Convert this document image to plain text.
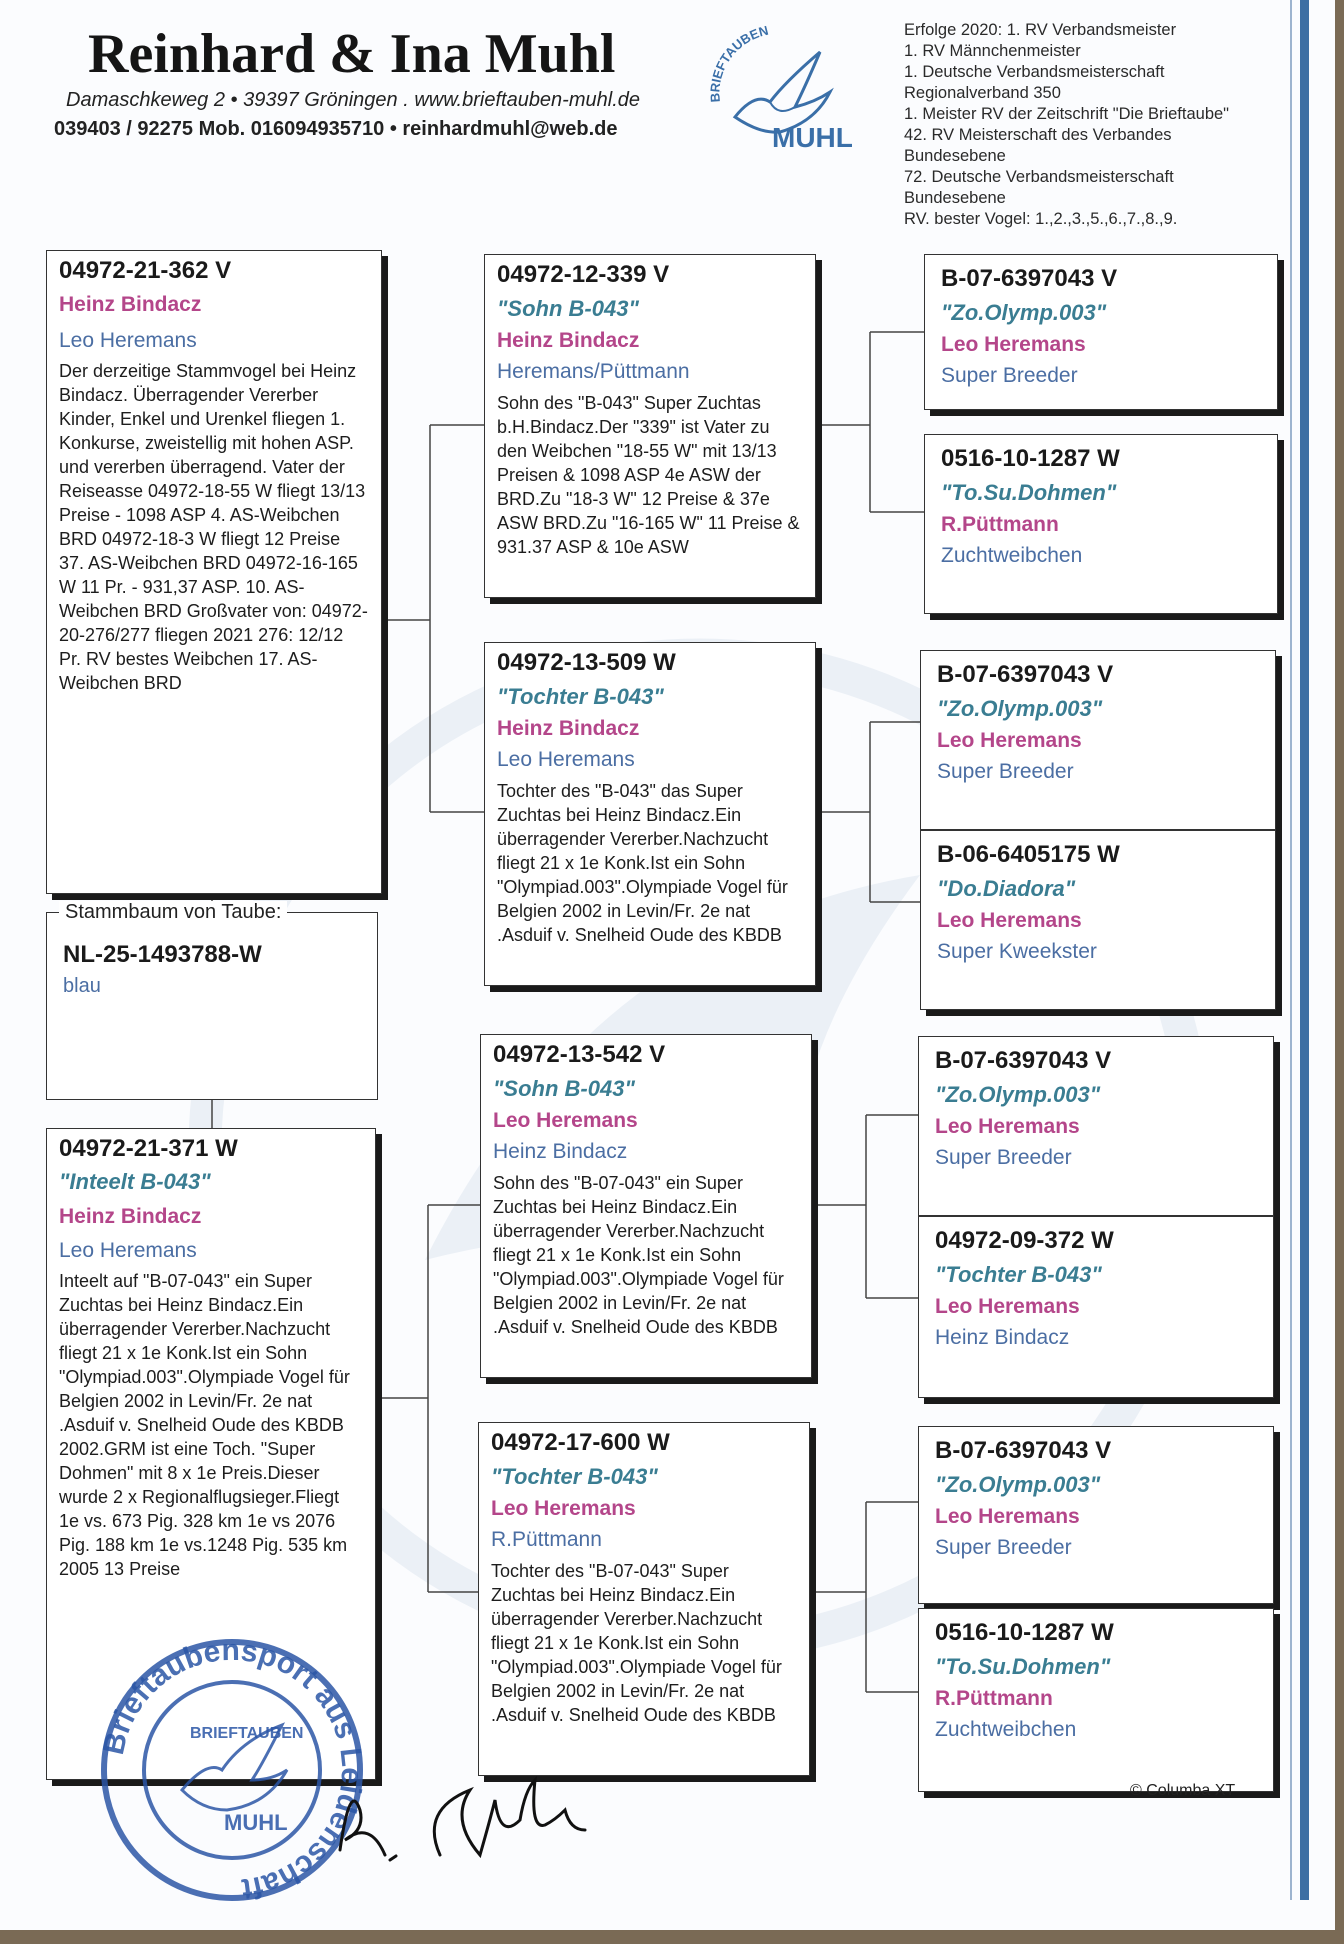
Reinhard & Ina Muhl
Damaschkeweg 2 • 39397 Gröningen . www.brieftauben-muhl.de
039403 / 92275 Mob. 016094935710 • reinhardmuhl@web.de
BRIEFTAUBEN
MUHL
Erfolge 2020: 1. RV Verbandsmeister
1. RV Männchenmeister
1. Deutsche Verbandsmeisterschaft
Regionalverband 350
1. Meister RV der Zeitschrift "Die Brieftaube"
42. RV Meisterschaft des Verbandes
Bundesebene
72. Deutsche Verbandsmeisterschaft
Bundesebene
RV. bester Vogel: 1.,2.,3.,5.,6.,7.,8.,9.
04972-21-362 V
Heinz Bindacz
Leo Heremans
Der derzeitige Stammvogel bei Heinz Bindacz. Überragender Vererber Kinder, Enkel und Urenkel fliegen 1. Konkurse, zweistellig mit hohen ASP. und vererben überragend. Vater der Reiseasse 04972-18-55 W fliegt 13/13 Preise - 1098 ASP 4. AS-Weibchen BRD 04972-18-3 W fliegt 12 Preise 37. AS-Weibchen BRD 04972-16-165 W 11 Pr. - 931,37 ASP. 10. AS-Weibchen BRD Großvater von: 04972-20-276/277 fliegen 2021 276: 12/12 Pr. RV bestes Weibchen 17. AS-Weibchen BRD
Stammbaum von Taube:
NL-25-1493788-W
blau
04972-21-371 W
"Inteelt B-043"
Heinz Bindacz
Leo Heremans
Inteelt auf "B-07-043" ein Super Zuchtas bei Heinz Bindacz.Ein überragender Vererber.Nachzucht fliegt 21 x 1e Konk.Ist ein Sohn "Olympiad.003".Olympiade Vogel für Belgien 2002 in Levin/Fr. 2e nat .Asduif v. Snelheid Oude des KBDB 2002.GRM ist eine Toch. "Super Dohmen" mit 8 x 1e Preis.Dieser wurde 2 x Regionalflugsieger.Fliegt 1e vs. 673 Pig. 328 km 1e vs 2076 Pig. 188 km 1e vs.1248 Pig. 535 km 2005 13 Preise
04972-12-339 V
"Sohn B-043"
Heinz Bindacz
Heremans/Püttmann
Sohn des "B-043" Super Zuchtas b.H.Bindacz.Der "339" ist Vater zu den Weibchen "18-55 W" mit 13/13 Preisen & 1098 ASP 4e ASW der BRD.Zu "18-3 W" 12 Preise & 37e ASW BRD.Zu "16-165 W" 11 Preise & 931.37 ASP & 10e ASW
04972-13-509 W
"Tochter B-043"
Heinz Bindacz
Leo Heremans
Tochter des "B-043" das Super Zuchtas bei Heinz Bindacz.Ein überragender Vererber.Nachzucht fliegt 21 x 1e Konk.Ist ein Sohn "Olympiad.003".Olympiade Vogel für Belgien 2002 in Levin/Fr. 2e nat .Asduif v. Snelheid Oude des KBDB
04972-13-542 V
"Sohn B-043"
Leo Heremans
Heinz Bindacz
Sohn des "B-07-043" ein Super Zuchtas bei Heinz Bindacz.Ein überragender Vererber.Nachzucht fliegt 21 x 1e Konk.Ist ein Sohn "Olympiad.003".Olympiade Vogel für Belgien 2002 in Levin/Fr. 2e nat .Asduif v. Snelheid Oude des KBDB
04972-17-600 W
"Tochter B-043"
Leo Heremans
R.Püttmann
Tochter des "B-07-043" Super Zuchtas bei Heinz Bindacz.Ein überragender Vererber.Nachzucht fliegt 21 x 1e Konk.Ist ein Sohn "Olympiad.003".Olympiade Vogel für Belgien 2002 in Levin/Fr. 2e nat .Asduif v. Snelheid Oude des KBDB
B-07-6397043 V
"Zo.Olymp.003"
Leo Heremans
Super Breeder
0516-10-1287 W
"To.Su.Dohmen"
R.Püttmann
Zuchtweibchen
B-07-6397043 V
"Zo.Olymp.003"
Leo Heremans
Super Breeder
B-06-6405175 W
"Do.Diadora"
Leo Heremans
Super Kweekster
B-07-6397043 V
"Zo.Olymp.003"
Leo Heremans
Super Breeder
04972-09-372 W
"Tochter B-043"
Leo Heremans
Heinz Bindacz
B-07-6397043 V
"Zo.Olymp.003"
Leo Heremans
Super Breeder
0516-10-1287 W
"To.Su.Dohmen"
R.Püttmann
Zuchtweibchen
© Columba XT
Brieftaubensport aus Leidenschaft
BRIEFTAUBEN
MUHL
